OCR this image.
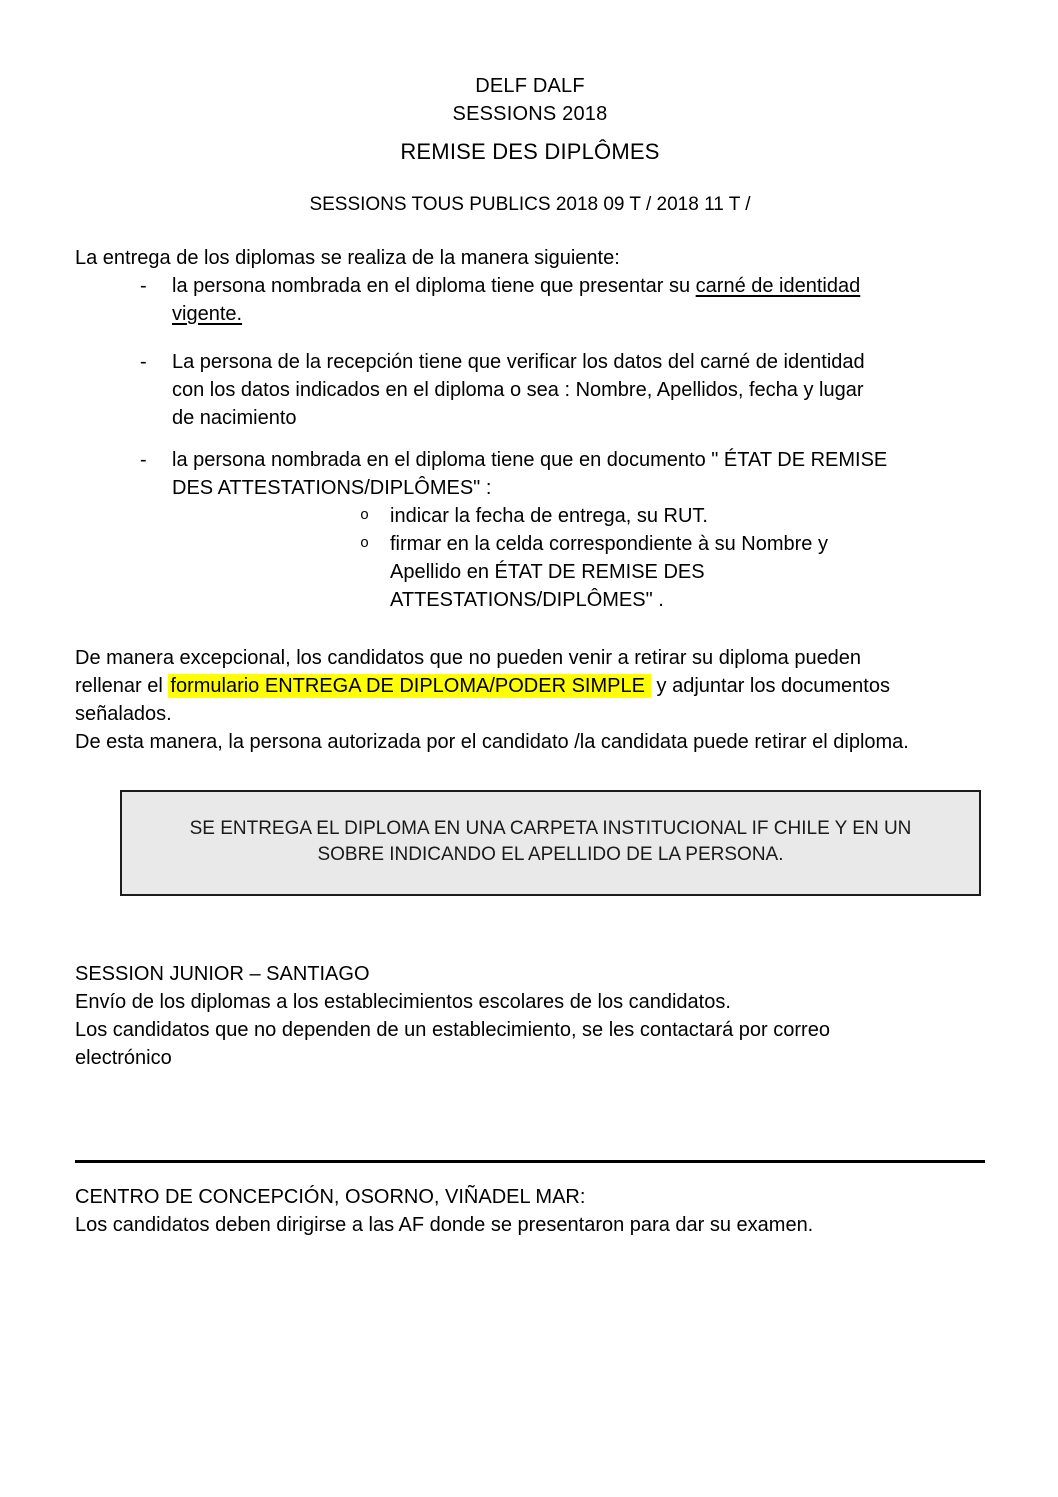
DELF DALF
SESSIONS 2018
REMISE DES DIPLÔMES
SESSIONS TOUS PUBLICS 2018 09 T / 2018 11 T /
La entrega de los diplomas se realiza de la manera siguiente:
-	la persona nombrada en el diploma tiene que presentar su carné de identidad
vigente.
-	La persona de la recepción tiene que verificar los datos del carné de identidad
con los datos indicados en el diploma o sea : Nombre, Apellidos, fecha y lugar
de nacimiento
-	la persona nombrada en el diploma tiene que en documento " ÉTAT DE REMISE
DES ATTESTATIONS/DIPLÔMES" :
o	indicar la fecha de entrega, su RUT.
o	firmar en la celda correspondiente à su Nombre y
Apellido en ÉTAT DE REMISE DES
ATTESTATIONS/DIPLÔMES" .
De manera excepcional, los candidatos que no pueden venir a retirar su diploma pueden
rellenar el formulario ENTREGA DE DIPLOMA/PODER SIMPLE y adjuntar los documentos
señalados.
De esta manera, la persona autorizada por el candidato /la candidata puede retirar el diploma.
SE ENTREGA EL DIPLOMA EN UNA CARPETA INSTITUCIONAL IF CHILE Y EN UN
SOBRE INDICANDO EL APELLIDO DE LA PERSONA.
SESSION JUNIOR – SANTIAGO
Envío de los diplomas a los establecimientos escolares de los candidatos.
Los candidatos que no dependen de un establecimiento, se les contactará por correo
electrónico
CENTRO DE CONCEPCIÓN, OSORNO, VIÑADEL MAR:
Los candidatos deben dirigirse a las AF donde se presentaron para dar su examen.
